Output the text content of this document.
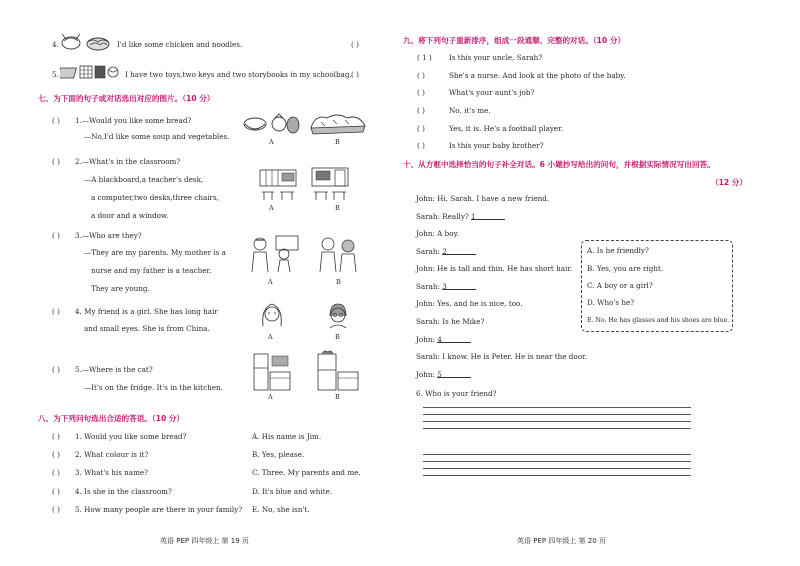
4.	I'd like some chicken and noodles.	( )
5.	I have two toys,two keys and two storybooks in my schoolbag. ( )
七、为下面的句子或对话选出对应的图片。（10 分）
( ) 1.—Would you like some bread?
—No,I'd like some soup and vegetables.
A	B
( ) 2.—What's in the classroom?
—A blackboard,a teacher's desk,
a computer,two desks,three chairs,
a door and a window.
A	B
( ) 3.—Who are they?
—They are my parents. My mother is a
nurse and my father is a teacher.
They are young.
A	B
( ) 4. My friend is a girl. She has long hair
and small eyes. She is from China.
A	B
( ) 5.—Where is the cat?
—It's on the fridge. It's in the kitchen.
A	B
八、为下列问句选出合适的答语。（10 分）
( ) 1. Would you like some bread?	A. His name is Jim.
( ) 2. What colour is it?	B. Yes, please.
( ) 3. What's his name?	C. Three. My parents and me.
( ) 4. Is she in the classroom?	D. It's blue and white.
( ) 5. How many people are there in your family? E. No, she isn't.
英语 PEP 四年级上 第 19 页
九、将下列句子重新排序，组成一段通顺、完整的对话。（10 分）
( 1 ) Is this your uncle, Sarah?
( )	She's a nurse. And look at the photo of the baby.
( )	What's your aunt's job?
( )	No, it's me.
( )	Yes, it is. He's a football player.
( )	Is this your baby brother?
十、从方框中选择恰当的句子补全对话。6 小题抄写给出的问句，并根据实际情况写出回答。
（12 分）
John: Hi, Sarah. I have a new friend.
Sarah: Really? 1
John: A boy.
Sarah: 2
John: He is tall and thin. He has short hair.
Sarah: 3
John: Yes, and he is nice, too.
Sarah: Is he Mike?
John: 4
Sarah: I know. He is Peter. He is near the door.
John: 5
A. Is he friendly?
B. Yes, you are right.
C. A boy or a girl?
D. Who's he?
E. No. He has glasses and his shoes are blue.
6. Who is your friend?
英语 PEP 四年级上 第 20 页
